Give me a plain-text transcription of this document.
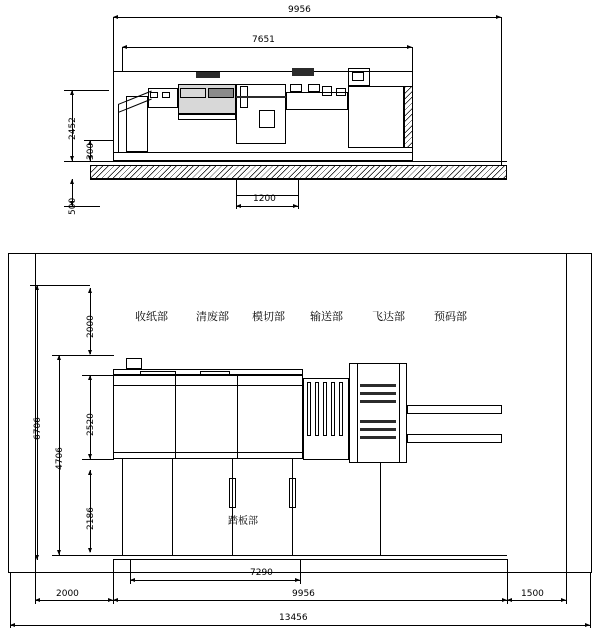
9956
7651
2452
300
500	1200
收纸部	清废部 模切部 输送部	飞达部	预码部
踏板部
6706
4706
2000
2520
2186
7290
9956
2000	1500
13456
